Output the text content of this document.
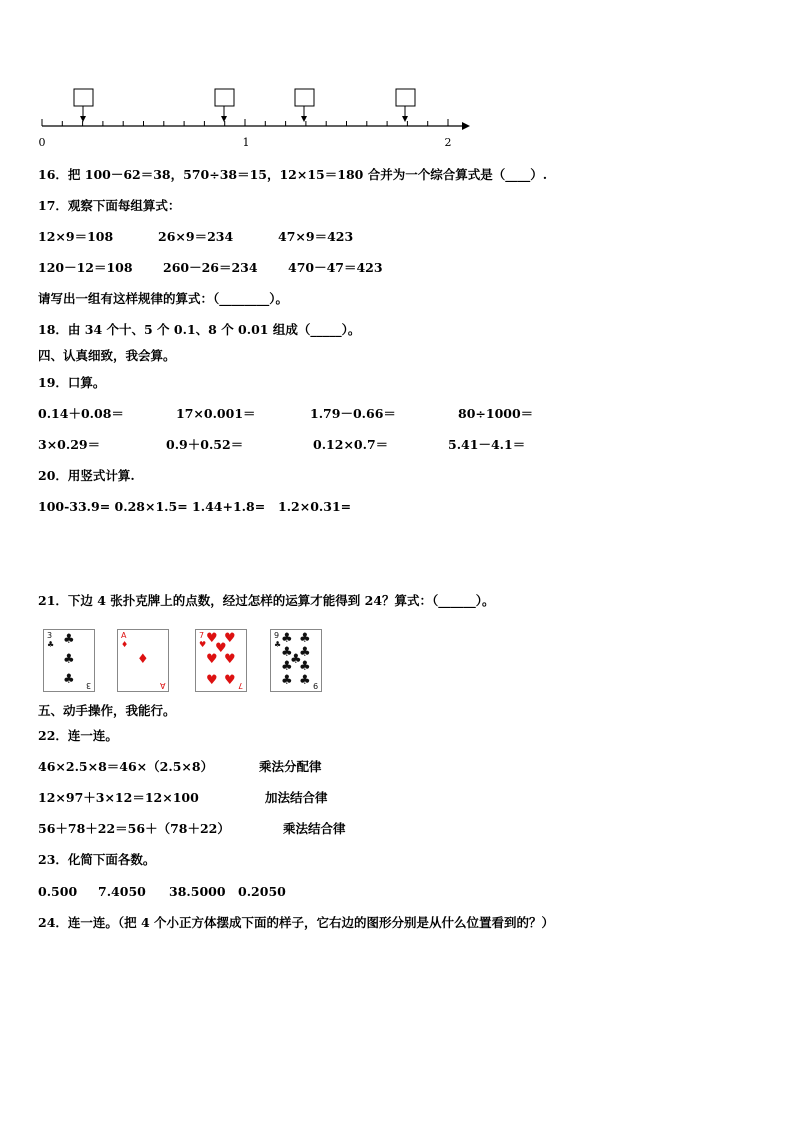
0	1	2
16．把 100－62＝38，570÷38＝15，12×15＝180 合并为一个综合算式是（____）.
17．观察下面每组算式：
12×9＝108	26×9＝234	47×9＝423
120－12＝108 260－26＝234 470－47＝423
请写出一组有这样规律的算式：（________）。
18．由 34 个十、5 个 0.1、8 个 0.01 组成（_____）。
四、认真细致，我会算。
19．口算。
0.14＋0.08＝	17×0.001＝	1.79－0.66＝	80÷1000＝
3×0.29＝	0.9＋0.52＝	0.12×0.7＝	5.41－4.1＝
20．用竖式计算.
100-33.9= 0.28×1.5= 1.44+1.8= 1.2×0.31=
21．下边 4 张扑克牌上的点数，经过怎样的运算才能得到 24？算式：（______）。
3
♣ ♣
♣
♣ 3
A
♦
♦
A
7
♥ ♥ ♥
♥
♥ ♥
♥ ♥ 7
9
♣ ♣ ♣
♣ ♣
♣
♣ ♣
♣ ♣ 9
五、动手操作，我能行。
22．连一连。
46×2.5×8＝46×（2.5×8）	乘法分配律
12×97＋3×12＝12×100	加法结合律
56＋78＋22＝56＋（78＋22）	乘法结合律
23．化简下面各数。
0.500 7.4050 38.5000 0.2050
24．连一连。（把 4 个小正方体摆成下面的样子，它右边的图形分别是从什么位置看到的？）
